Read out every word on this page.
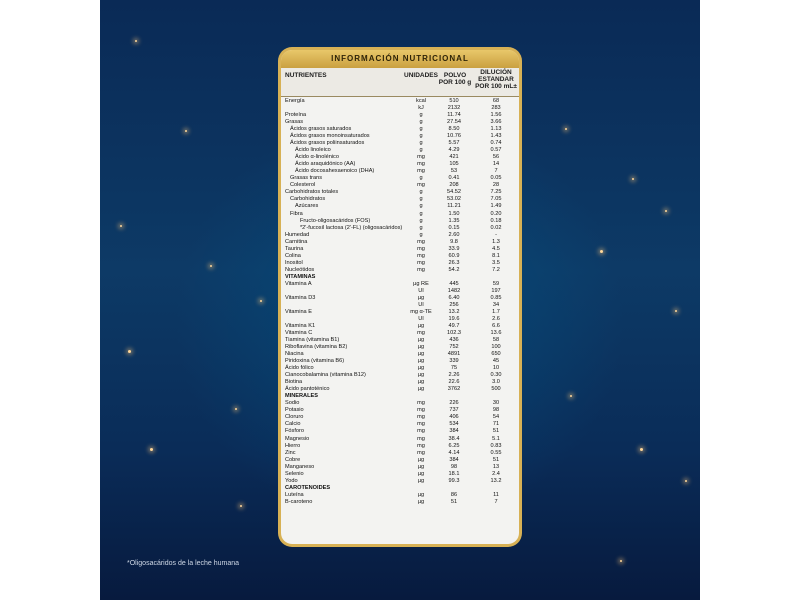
INFORMACIÓN NUTRICIONAL
NUTRIENTES	UNIDADES POLVO
POR 100 g
DILUCIÓN
ESTANDAR
POR 100 mL±
Energía	kcal	510	68
kJ	2132	283
Proteína	g	11.74	1.56
Grasas	g	27.54	3.66
Ácidos grasos saturados	g	8.50	1.13
Ácidos grasos monoinsaturados	g	10.76	1.43
Ácidos grasos poliinsaturados	g	5.57	0.74
Ácido linoleico	g	4.29	0.57
Ácido α-linolénico	mg	421	56
Ácido araquidónico (AA)	mg	105	14
Ácido docosahexaenoico (DHA)	mg	53	7
Grasas trans	g	0.41	0.05
Colesterol	mg	208	28
Carbohidratos totales	g	54.52	7.25
Carbohidratos	g	53.02	7.05
Azúcares	g	11.21	1.49
Fibra	g	1.50	0.20
Fructo-oligosacáridos (FOS)	g	1.35	0.18
*2'-fucosil lactosa (2'-FL) (oligosacáridos)	g	0.15	0.02
Humedad	g	2.60	-
Carnitina	mg	9.8	1.3
Taurina	mg	33.9	4.5
Colina	mg	60.9	8.1
Inositol	mg	26.3	3.5
Nucleótidos	mg	54.2	7.2
VITAMINAS
Vitamina A	µg RE	445	59
UI	1482	197
Vitamina D3	µg	6.40	0.85
UI	256	34
Vitamina E	mg α-TE	13.2	1.7
UI	19.6	2.6
Vitamina K1	µg	49.7	6.6
Vitamina C	mg	102.3	13.6
Tiamina (vitamina B1)	µg	436	58
Riboflavina (vitamina B2)	µg	752	100
Niacina	µg	4891	650
Piridoxina (vitamina B6)	µg	339	45
Ácido fólico	µg	75	10
Cianocobalamina (vitamina B12)	µg	2.26	0.30
Biotina	µg	22.6	3.0
Ácido pantoténico	µg	3762	500
MINERALES
Sodio	mg	226	30
Potasio	mg	737	98
Cloruro	mg	406	54
Calcio	mg	534	71
Fósforo	mg	384	51
Magnesio	mg	38.4	5.1
Hierro	mg	6.25	0.83
Zinc	mg	4.14	0.55
Cobre	µg	384	51
Manganeso	µg	98	13
Selenio	µg	18.1	2.4
Yodo	µg	99.3	13.2
CAROTENOIDES
Luteína	µg	86	11
B-caroteno	µg	51	7
*Oligosacáridos de la leche humana
